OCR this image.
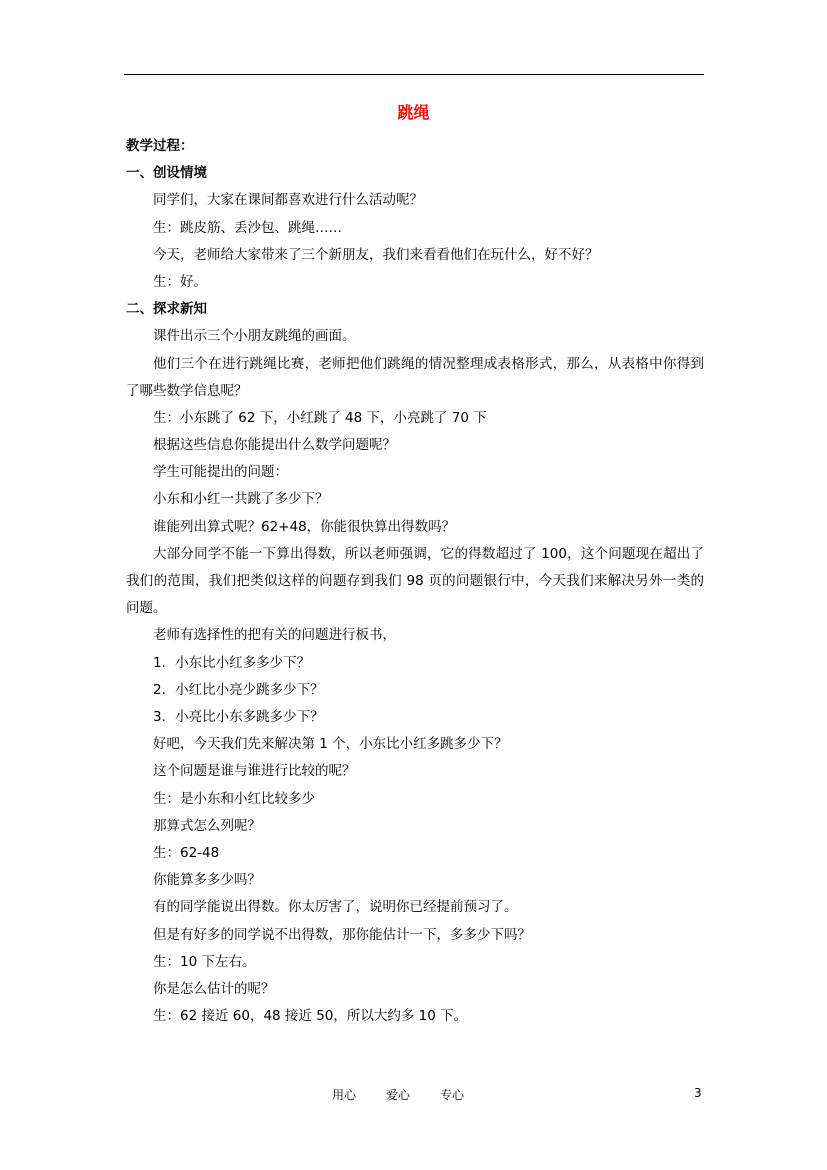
跳绳
教学过程：
一、创设情境
同学们，大家在课间都喜欢进行什么活动呢？
生：跳皮筋、丢沙包、跳绳……
今天，老师给大家带来了三个新朋友，我们来看看他们在玩什么，好不好？
生：好。
二、探求新知
课件出示三个小朋友跳绳的画面。
他们三个在进行跳绳比赛，老师把他们跳绳的情况整理成表格形式，那么，从表格中你得到了哪些数学信息呢？
生：小东跳了 62 下，小红跳了 48 下，小亮跳了 70 下
根据这些信息你能提出什么数学问题呢？
学生可能提出的问题：
小东和小红一共跳了多少下？
谁能列出算式呢？62+48，你能很快算出得数吗？
大部分同学不能一下算出得数，所以老师强调，它的得数超过了 100，这个问题现在超出了我们的范围，我们把类似这样的问题存到我们 98 页的问题银行中，今天我们来解决另外一类的问题。
老师有选择性的把有关的问题进行板书，
1．小东比小红多多少下？
2．小红比小亮少跳多少下？
3．小亮比小东多跳多少下？
好吧，今天我们先来解决第 1 个，小东比小红多跳多少下？
这个问题是谁与谁进行比较的呢？
生：是小东和小红比较多少
那算式怎么列呢？
生：62-48
你能算多多少吗？
有的同学能说出得数。你太厉害了，说明你已经提前预习了。
但是有好多的同学说不出得数，那你能估计一下，多多少下吗？
生：10 下左右。
你是怎么估计的呢？
生：62 接近 60，48 接近 50，所以大约多 10 下。
用心	爱心	专心	3
